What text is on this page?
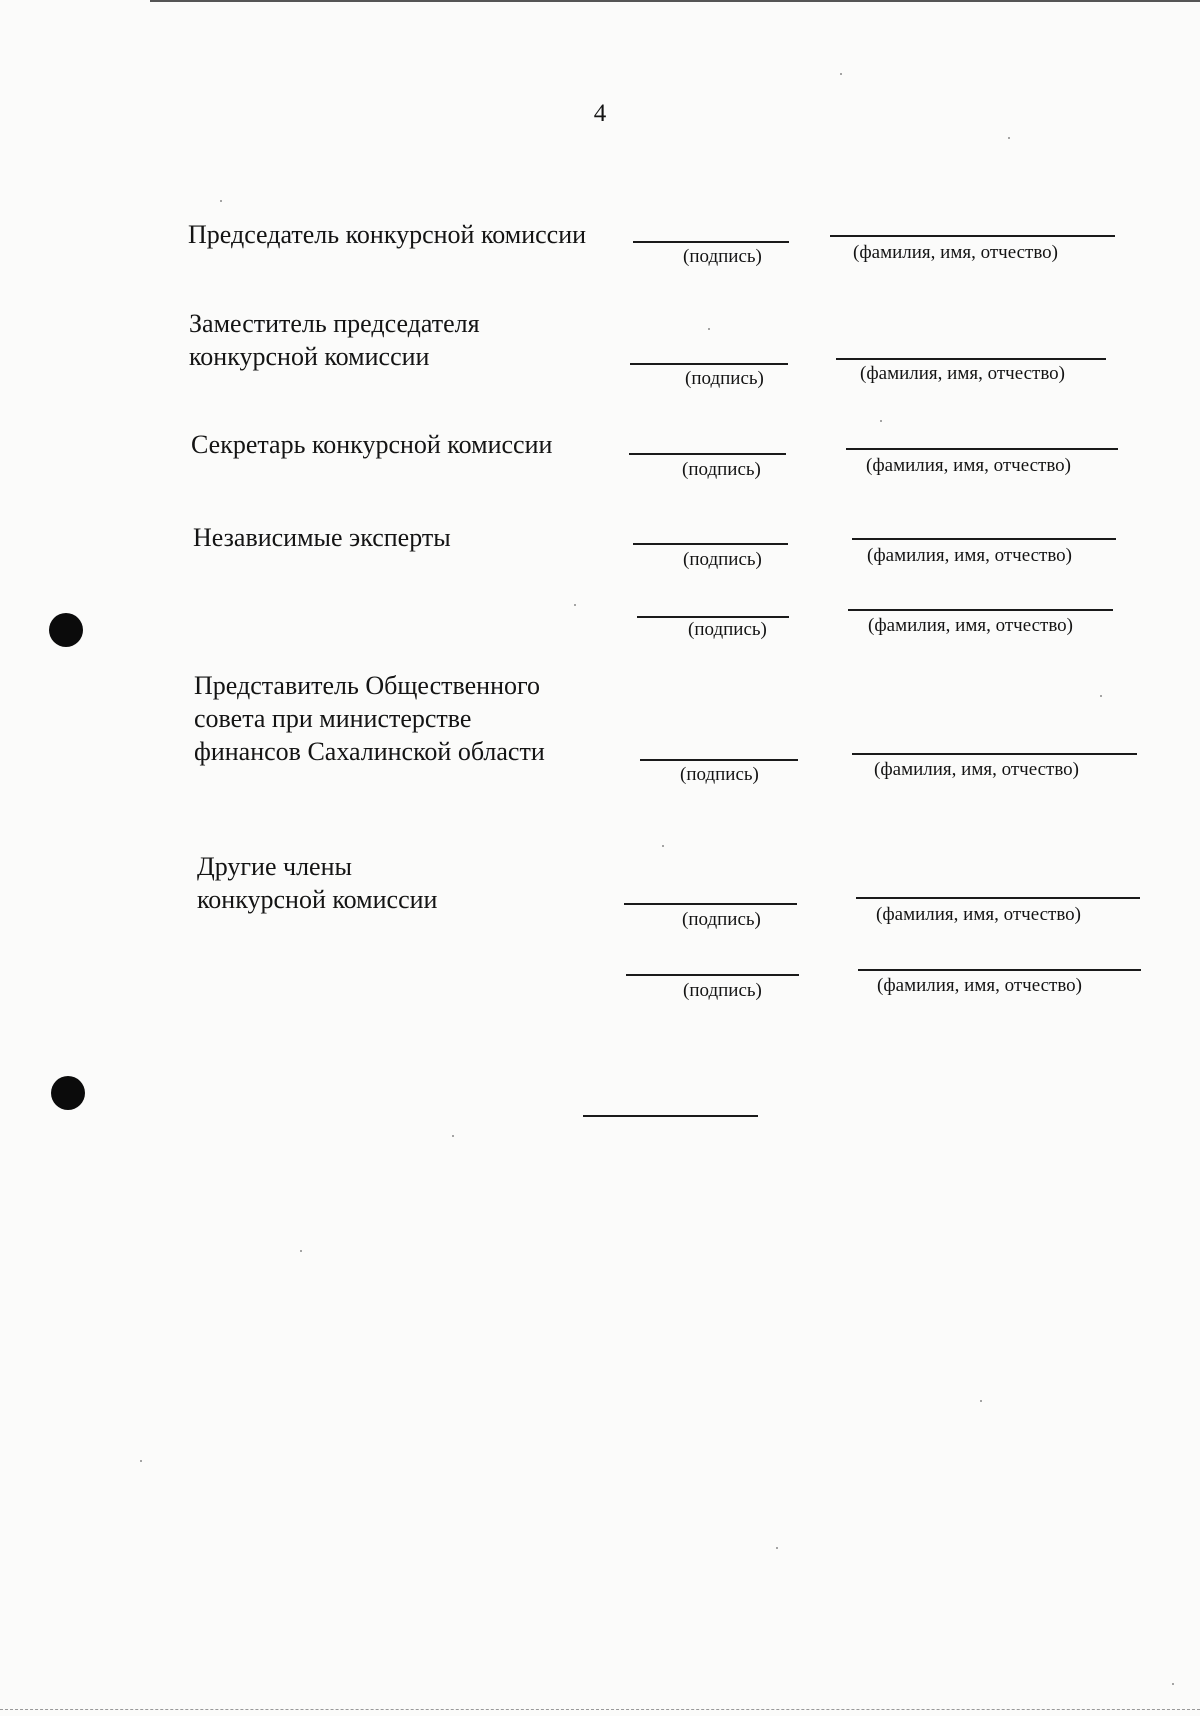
4
Председатель конкурсной комиссии
(подпись)	(фамилия, имя, отчество)
Заместитель председателя
конкурсной комиссии
(подпись)	(фамилия, имя, отчество)
Секретарь конкурсной комиссии
(подпись)	(фамилия, имя, отчество)
Независимые эксперты
(подпись)	(фамилия, имя, отчество)
(подпись)	(фамилия, имя, отчество)
Представитель Общественного
совета при министерстве
финансов Сахалинской области
(подпись)	(фамилия, имя, отчество)
Другие члены
конкурсной комиссии
(подпись)	(фамилия, имя, отчество)
(подпись)	(фамилия, имя, отчество)
